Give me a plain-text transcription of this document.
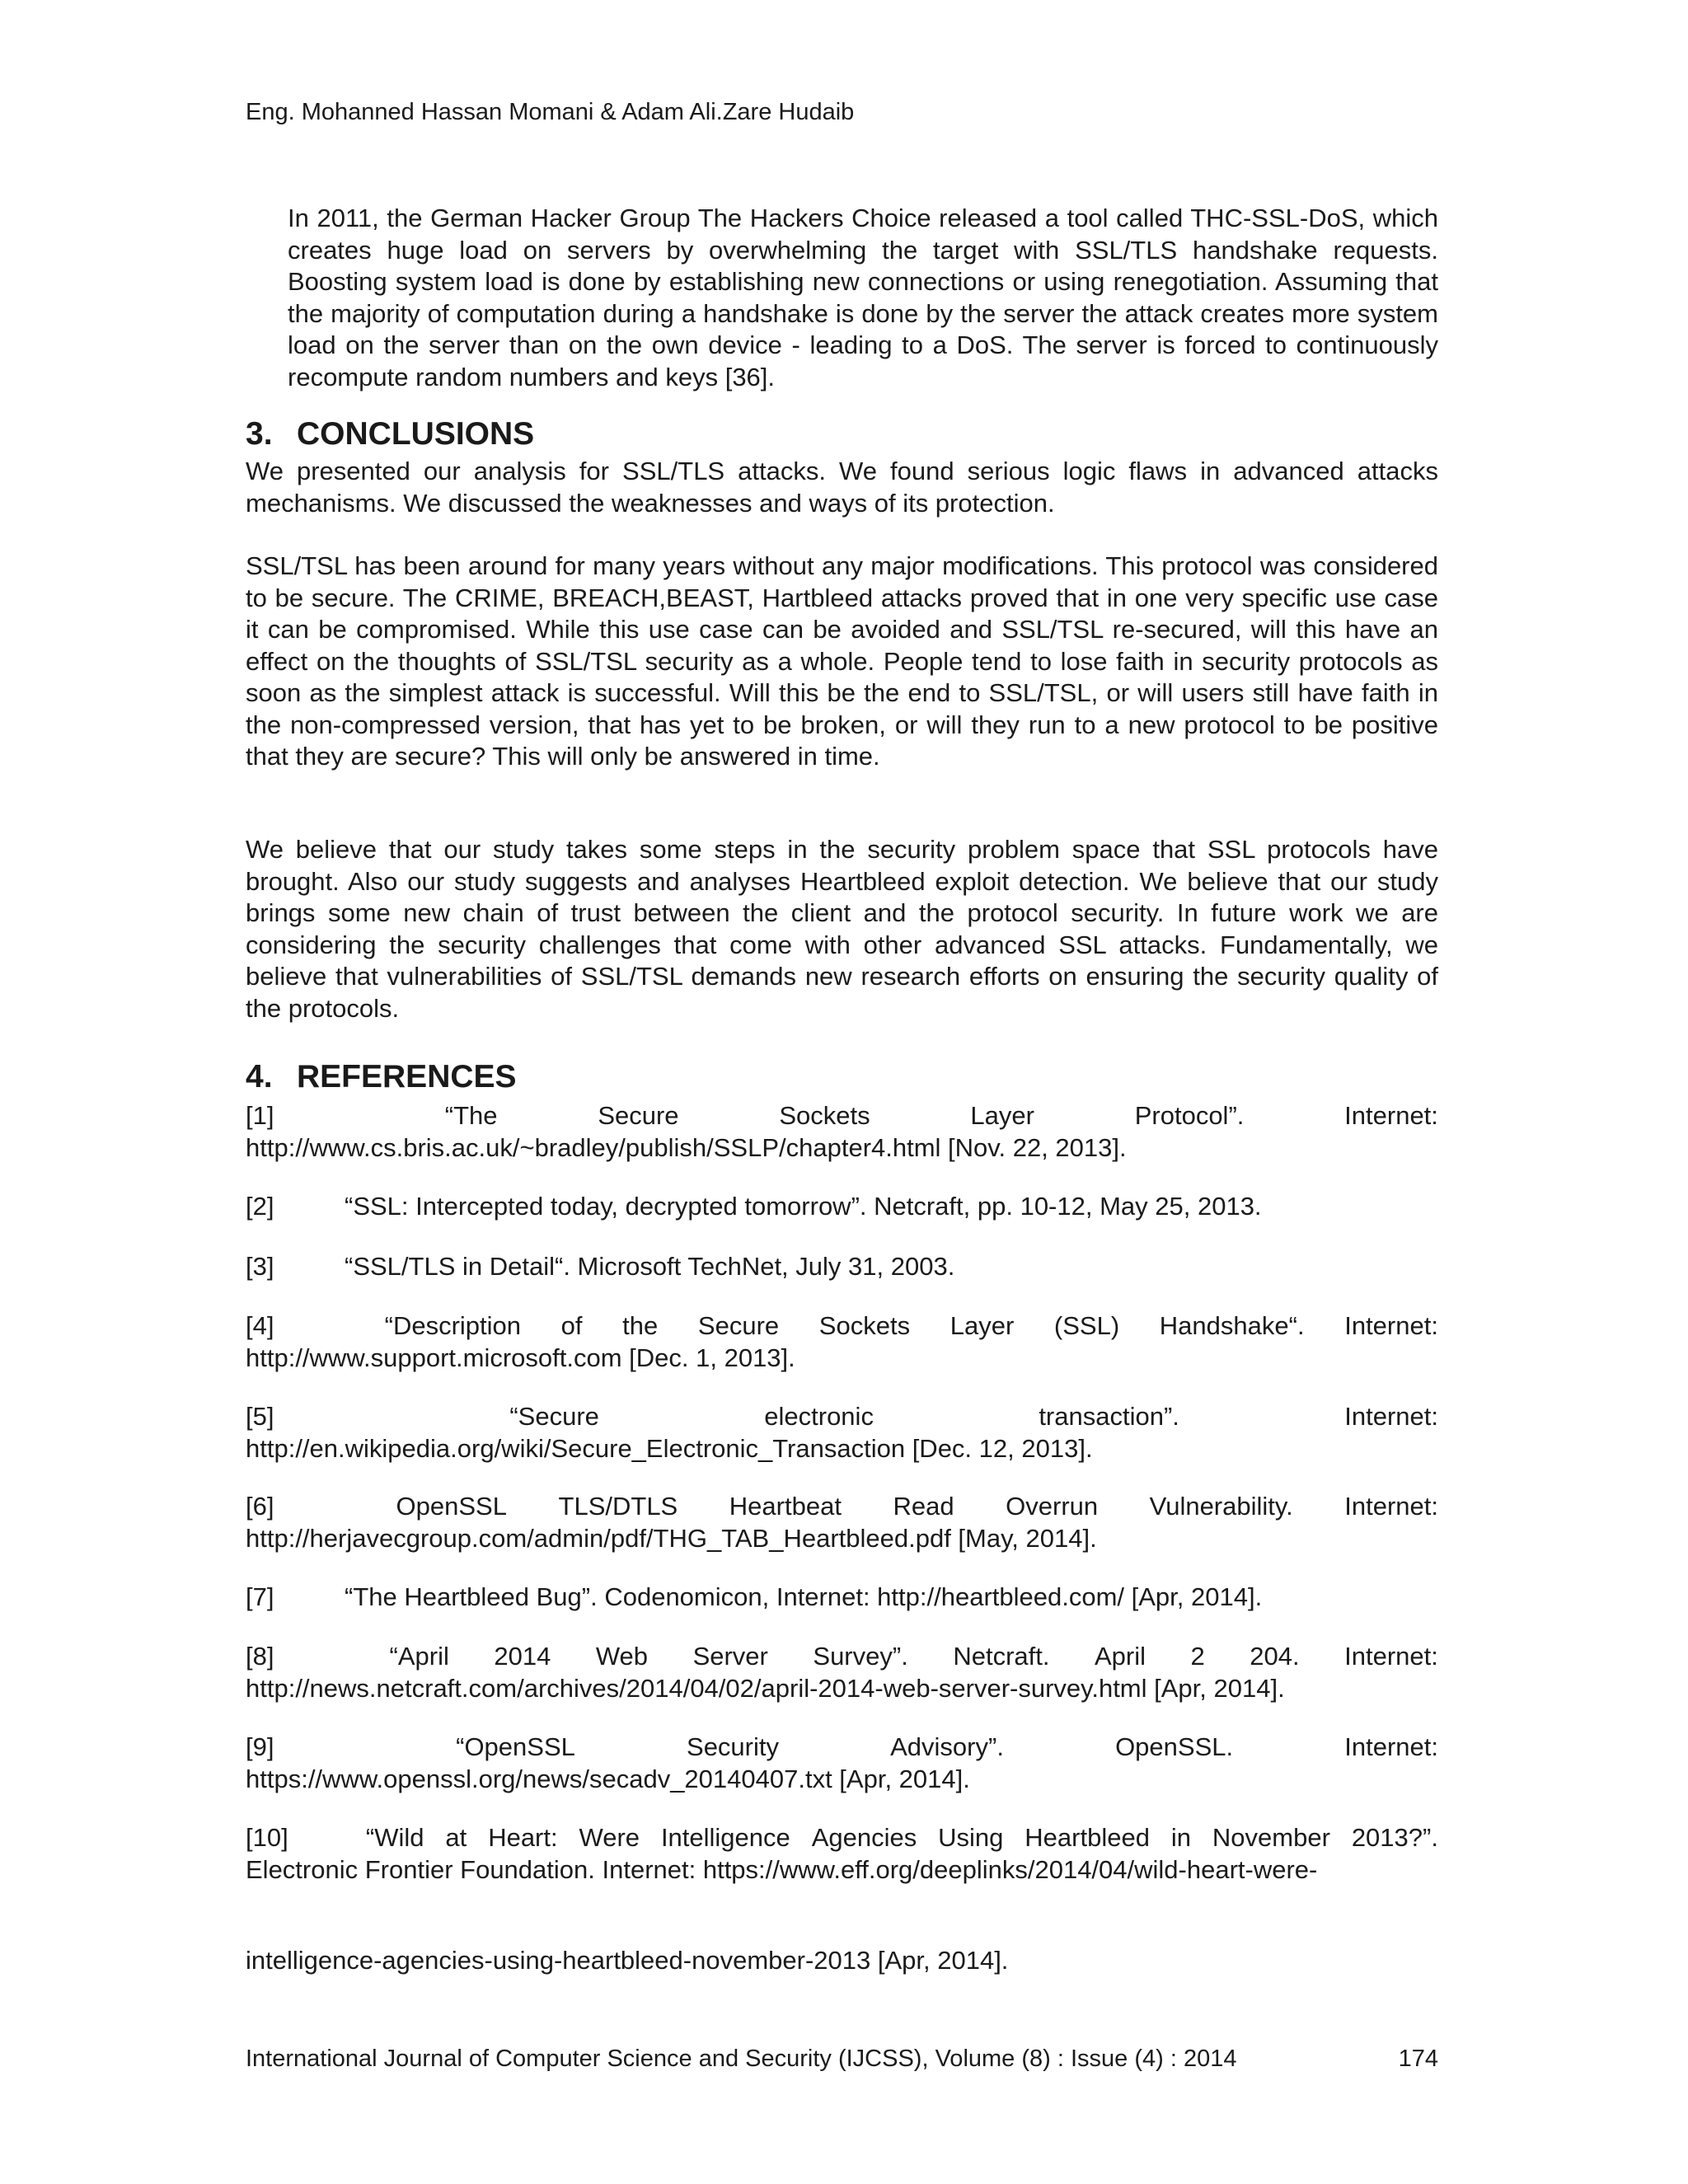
Eng. Mohanned Hassan Momani & Adam Ali.Zare Hudaib
In 2011, the German Hacker Group The Hackers Choice released a tool called THC-SSL-DoS, which creates huge load on servers by overwhelming the target with SSL/TLS handshake requests. Boosting system load is done by establishing new connections or using renegotiation. Assuming that the majority of computation during a handshake is done by the server the attack creates more system load on the server than on the own device - leading to a DoS. The server is forced to continuously recompute random numbers and keys [36].
3. CONCLUSIONS
We presented our analysis for SSL/TLS attacks. We found serious logic flaws in advanced attacks mechanisms. We discussed the weaknesses and ways of its protection.
SSL/TSL has been around for many years without any major modifications. This protocol was considered to be secure. The CRIME, BREACH,BEAST, Hartbleed attacks proved that in one very specific use case it can be compromised. While this use case can be avoided and SSL/TSL re-secured, will this have an effect on the thoughts of SSL/TSL security as a whole. People tend to lose faith in security protocols as soon as the simplest attack is successful. Will this be the end to SSL/TSL, or will users still have faith in the non-compressed version, that has yet to be broken, or will they run to a new protocol to be positive that they are secure? This will only be answered in time.
We believe that our study takes some steps in the security problem space that SSL protocols have brought. Also our study suggests and analyses Heartbleed exploit detection. We believe that our study brings some new chain of trust between the client and the protocol security. In future work we are considering the security challenges that come with other advanced SSL attacks. Fundamentally, we believe that vulnerabilities of SSL/TSL demands new research efforts on ensuring the security quality of the protocols.
4. REFERENCES
[1]	“The	Secure	Sockets	Layer	Protocol”.	Internet:
http://www.cs.bris.ac.uk/~bradley/publish/SSLP/chapter4.html [Nov. 22, 2013].
[2]	“SSL: Intercepted today, decrypted tomorrow”. Netcraft, pp. 10-12, May 25, 2013.
[3]	“SSL/TLS in Detail“. Microsoft TechNet, July 31, 2003.
[4]	“Description of the Secure Sockets Layer (SSL) Handshake“. Internet:
http://www.support.microsoft.com [Dec. 1, 2013].
[5]	“Secure	electronic	transaction”.	Internet:
http://en.wikipedia.org/wiki/Secure_Electronic_Transaction [Dec. 12, 2013].
[6]	OpenSSL TLS/DTLS Heartbeat Read Overrun Vulnerability. Internet:
http://herjavecgroup.com/admin/pdf/THG_TAB_Heartbleed.pdf [May, 2014].
[7]	“The Heartbleed Bug”. Codenomicon, Internet: http://heartbleed.com/ [Apr, 2014].
[8]	“April 2014 Web Server Survey”. Netcraft. April 2 204. Internet:
http://news.netcraft.com/archives/2014/04/02/april-2014-web-server-survey.html [Apr, 2014].
[9]	“OpenSSL	Security	Advisory”.	OpenSSL.	Internet:
https://www.openssl.org/news/secadv_20140407.txt [Apr, 2014].
[10]	“Wild at Heart: Were Intelligence Agencies Using Heartbleed in November 2013?”.
Electronic Frontier Foundation. Internet: https://www.eff.org/deeplinks/2014/04/wild-heart-were-
intelligence-agencies-using-heartbleed-november-2013 [Apr, 2014].
International Journal of Computer Science and Security (IJCSS), Volume (8) : Issue (4) : 2014	174
